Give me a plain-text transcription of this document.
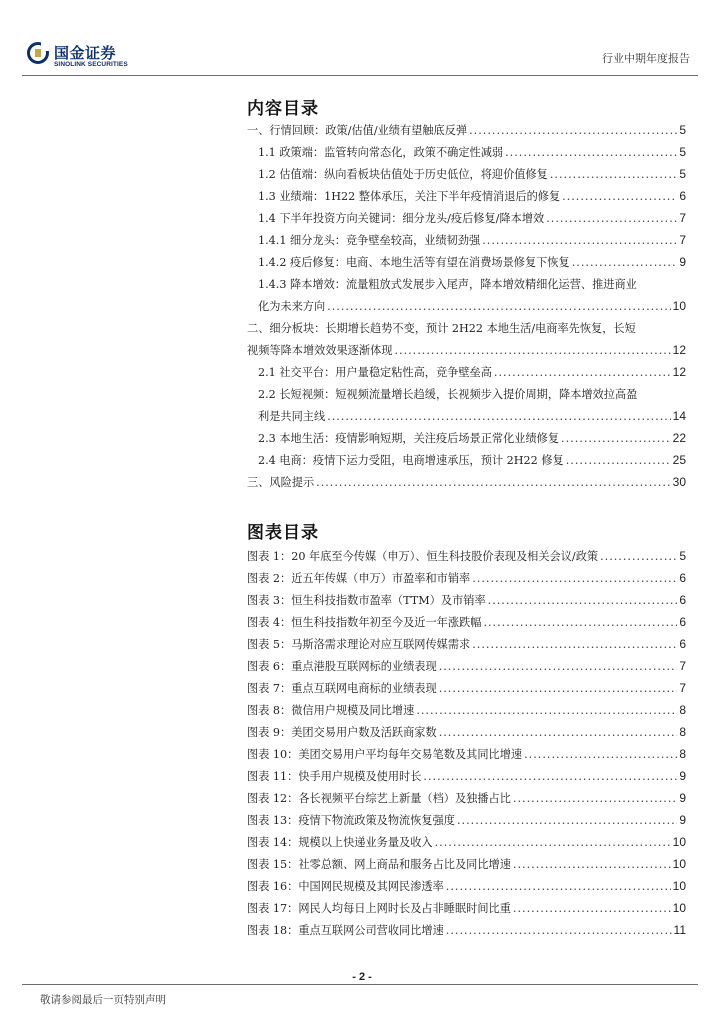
国金证券
SINOLINK SECURITIES	行业中期年度报告
内容目录
一、行情回顾：政策/估值/业绩有望触底反弹 .....	5
1.1 政策端：监管转向常态化，政策不确定性减弱 .....	5
1.2 估值端：纵向看板块估值处于历史低位，将迎价值修复 .....	5
1.3 业绩端：1H22 整体承压，关注下半年疫情消退后的修复 .....	6
1.4 下半年投资方向关键词：细分龙头/疫后修复/降本增效 .....	7
1.4.1 细分龙头：竞争壁垒较高，业绩韧劲强 .....	7
1.4.2 疫后修复：电商、本地生活等有望在消费场景修复下恢复 .....	9
1.4.3 降本增效：流量粗放式发展步入尾声，降本增效精细化运营、推进商业
化为未来方向 .....	10
二、细分板块：长期增长趋势不变，预计 2H22 本地生活/电商率先恢复，长短
视频等降本增效效果逐渐体现 .....	12
2.1 社交平台：用户量稳定粘性高，竞争壁垒高 .....	12
2.2 长短视频：短视频流量增长趋缓，长视频步入提价周期，降本增效拉高盈
利是共同主线 .....	14
2.3 本地生活：疫情影响短期，关注疫后场景正常化业绩修复 .....	22
2.4 电商：疫情下运力受阻，电商增速承压，预计 2H22 修复 .....	25
三、风险提示 .....	30
图表目录
图表 1：20 年底至今传媒（申万）、恒生科技股价表现及相关会议/政策 .....	5
图表 2：近五年传媒（申万）市盈率和市销率 .....	6
图表 3：恒生科技指数市盈率（TTM）及市销率 .....	6
图表 4：恒生科技指数年初至今及近一年涨跌幅 .....	6
图表 5：马斯洛需求理论对应互联网传媒需求 .....	6
图表 6：重点港股互联网标的业绩表现 .....	7
图表 7：重点互联网电商标的业绩表现 .....	7
图表 8：微信用户规模及同比增速 .....	8
图表 9：美团交易用户数及活跃商家数 .....	8
图表 10：美团交易用户平均每年交易笔数及其同比增速 .....	8
图表 11：快手用户规模及使用时长 .....	9
图表 12：各长视频平台综艺上新量（档）及独播占比 .....	9
图表 13：疫情下物流政策及物流恢复强度 .....	9
图表 14：规模以上快递业务量及收入 .....	10
图表 15：社零总额、网上商品和服务占比及同比增速 .....	10
图表 16：中国网民规模及其网民渗透率 .....	10
图表 17：网民人均每日上网时长及占非睡眠时间比重 .....	10
图表 18：重点互联网公司营收同比增速 .....	11
- 2 -
敬请参阅最后一页特别声明
